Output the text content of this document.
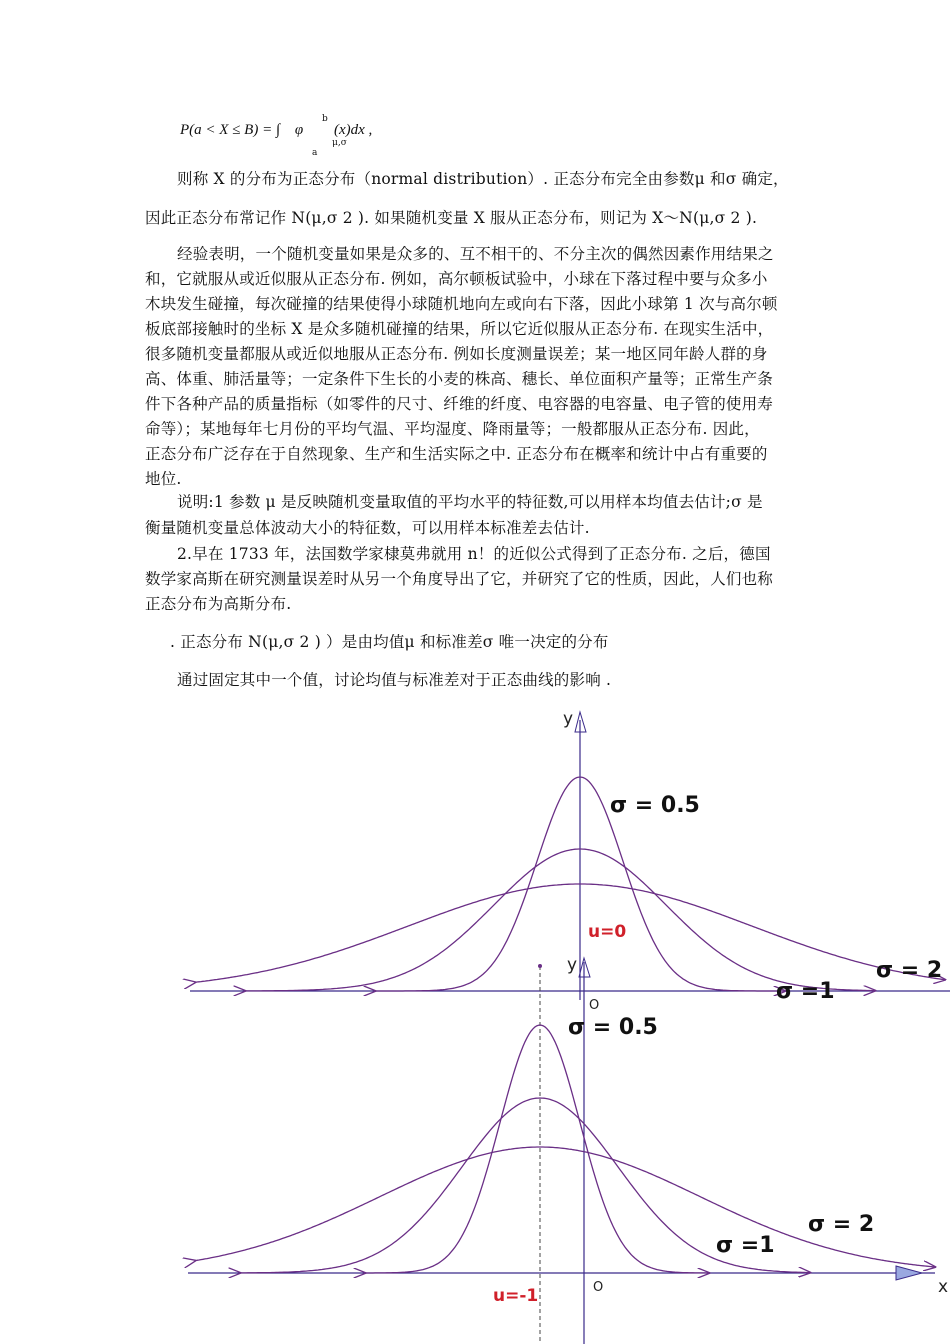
P(a < X ≤ B) = ∫
b
a
φ
μ,σ
(x)dx ,
则称 X 的分布为正态分布（normal distribution）. 正态分布完全由参数μ 和σ 确定，
因此正态分布常记作 N(μ,σ 2 ). 如果随机变量 X 服从正态分布，则记为 X～N(μ,σ 2 ).
经验表明，一个随机变量如果是众多的、互不相干的、不分主次的偶然因素作用结果之
和，它就服从或近似服从正态分布. 例如，高尔顿板试验中，小球在下落过程中要与众多小
木块发生碰撞，每次碰撞的结果使得小球随机地向左或向右下落，因此小球第 1 次与高尔顿
板底部接触时的坐标 X 是众多随机碰撞的结果，所以它近似服从正态分布. 在现实生活中，
很多随机变量都服从或近似地服从正态分布. 例如长度测量误差；某一地区同年龄人群的身
高、体重、肺活量等；一定条件下生长的小麦的株高、穗长、单位面积产量等；正常生产条
件下各种产品的质量指标（如零件的尺寸、纤维的纤度、电容器的电容量、电子管的使用寿
命等）；某地每年七月份的平均气温、平均湿度、降雨量等；一般都服从正态分布. 因此，
正态分布广泛存在于自然现象、生产和生活实际之中. 正态分布在概率和统计中占有重要的
地位.
说明:1 参数 μ 是反映随机变量取值的平均水平的特征数,可以用样本均值去估计;σ 是
衡量随机变量总体波动大小的特征数，可以用样本标准差去估计.
2.早在 1733 年，法国数学家棣莫弗就用 n！的近似公式得到了正态分布. 之后，德国
数学家高斯在研究测量误差时从另一个角度导出了它，并研究了它的性质，因此，人们也称
正态分布为高斯分布.
. 正态分布 N(μ,σ 2 ) ）是由均值μ 和标准差σ 唯一决定的分布
通过固定其中一个值，讨论均值与标准差对于正态曲线的影响 .
y
O
u=0
σ = 0.5
σ =1
σ = 2
y
x
O
u=-1
σ = 0.5
σ =1
σ = 2
